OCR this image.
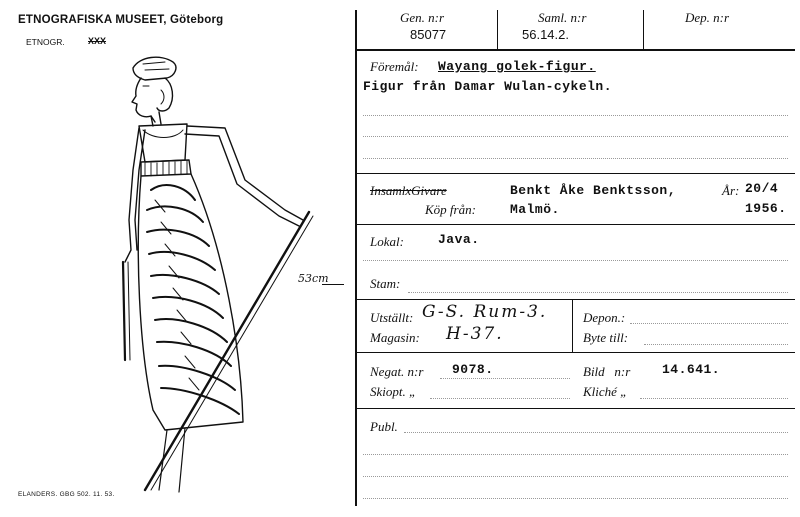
ETNOGRAFISKA MUSEET, Göteborg
ETNOGR.	XXX
53cm
ELANDERS. GBG 502. 11. 53.
Gen. n:r
85077
Saml. n:r
56.14.2.
Dep. n:r
Föremål: Wayang golek-figur.
Figur från Damar Wulan-cykeln.
InsamlxGivare	Benkt Åke Benktsson,	År: 20/4
1956.
Köp från:	Malmö.
Lokal:	Java.
Stam:
Utställt: G-S. Rum-3.
Magasin: H-37.
Depon.:
Byte till:
Negat. n:r 9078.	Bild   n:r 14.641.
Skiopt. „	Kliché „
Publ.
